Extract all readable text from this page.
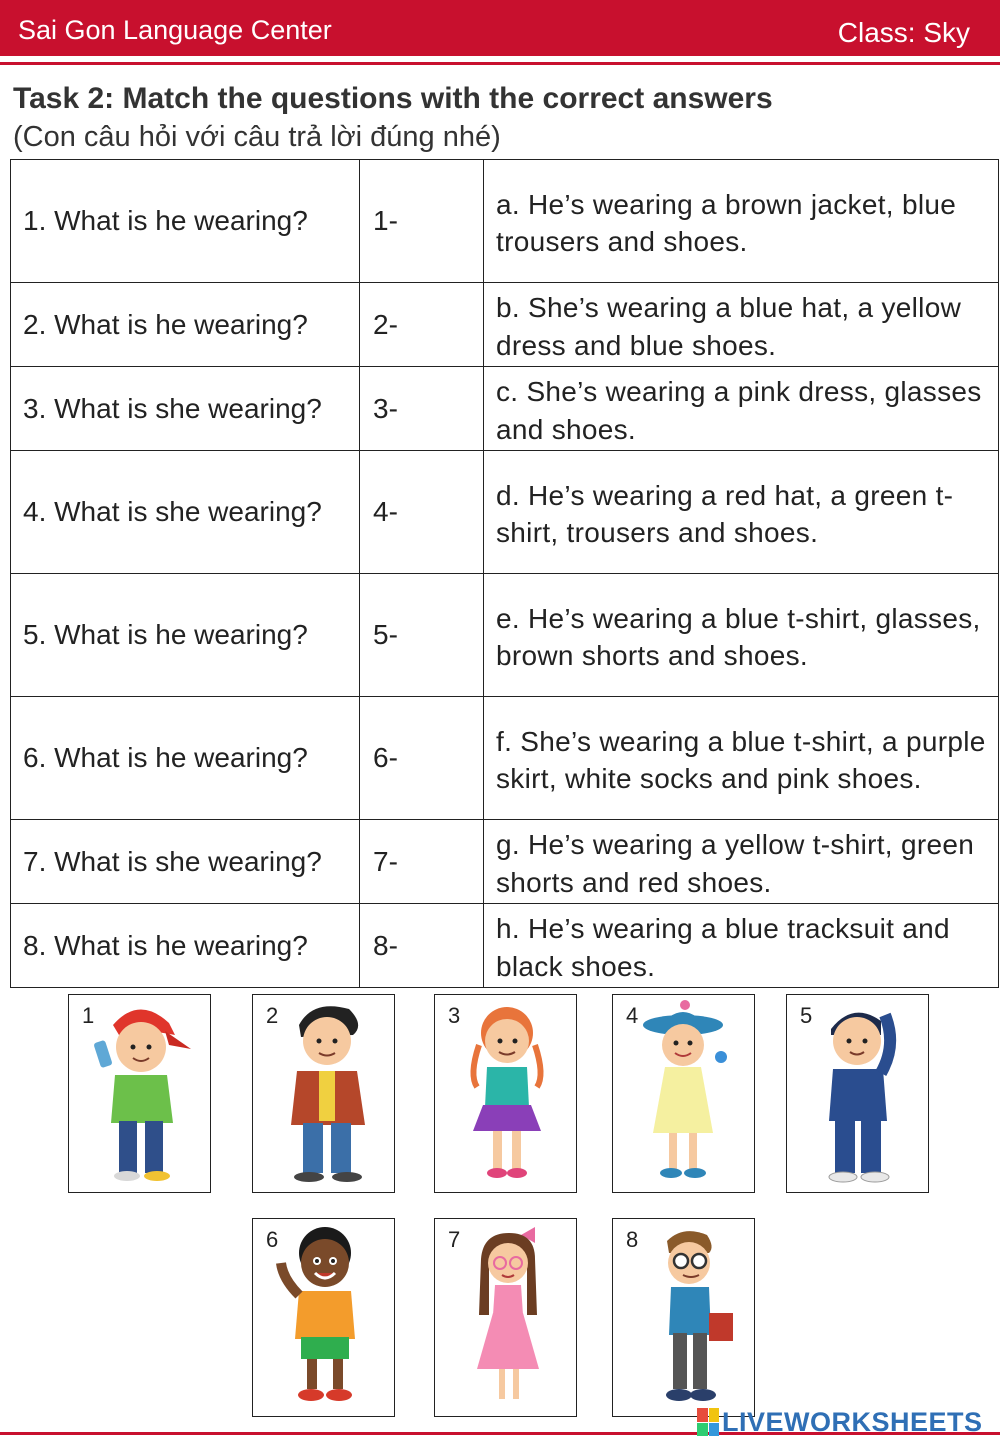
Sai Gon Language Center	Class: Sky
Task 2: Match the questions with the correct answers
(Con câu hỏi với câu trả lời đúng nhé)
1. What is he wearing?	1-	a. He’s wearing a brown jacket, blue trousers and shoes.
2. What is he wearing?	2-	b. She’s wearing a blue hat, a yellow dress and blue shoes.
3. What is she wearing?	3-	c. She’s wearing a pink dress, glasses and shoes.
4. What is she wearing?	4-	d. He’s wearing a red hat, a green t- shirt, trousers and shoes.
5. What is he wearing?	5-	e. He’s wearing a blue t-shirt, glasses, brown shorts and shoes.
6. What is he wearing?	6-	f. She’s wearing a blue t-shirt, a purple skirt, white socks and pink shoes.
7. What is she wearing?	7-	g. He’s wearing a yellow t-shirt, green shorts and red shoes.
8. What is he wearing?	8-	h. He’s wearing a blue tracksuit and black shoes.
1	2	3	4	5
6	7	8
LIVEWORKSHEETS
